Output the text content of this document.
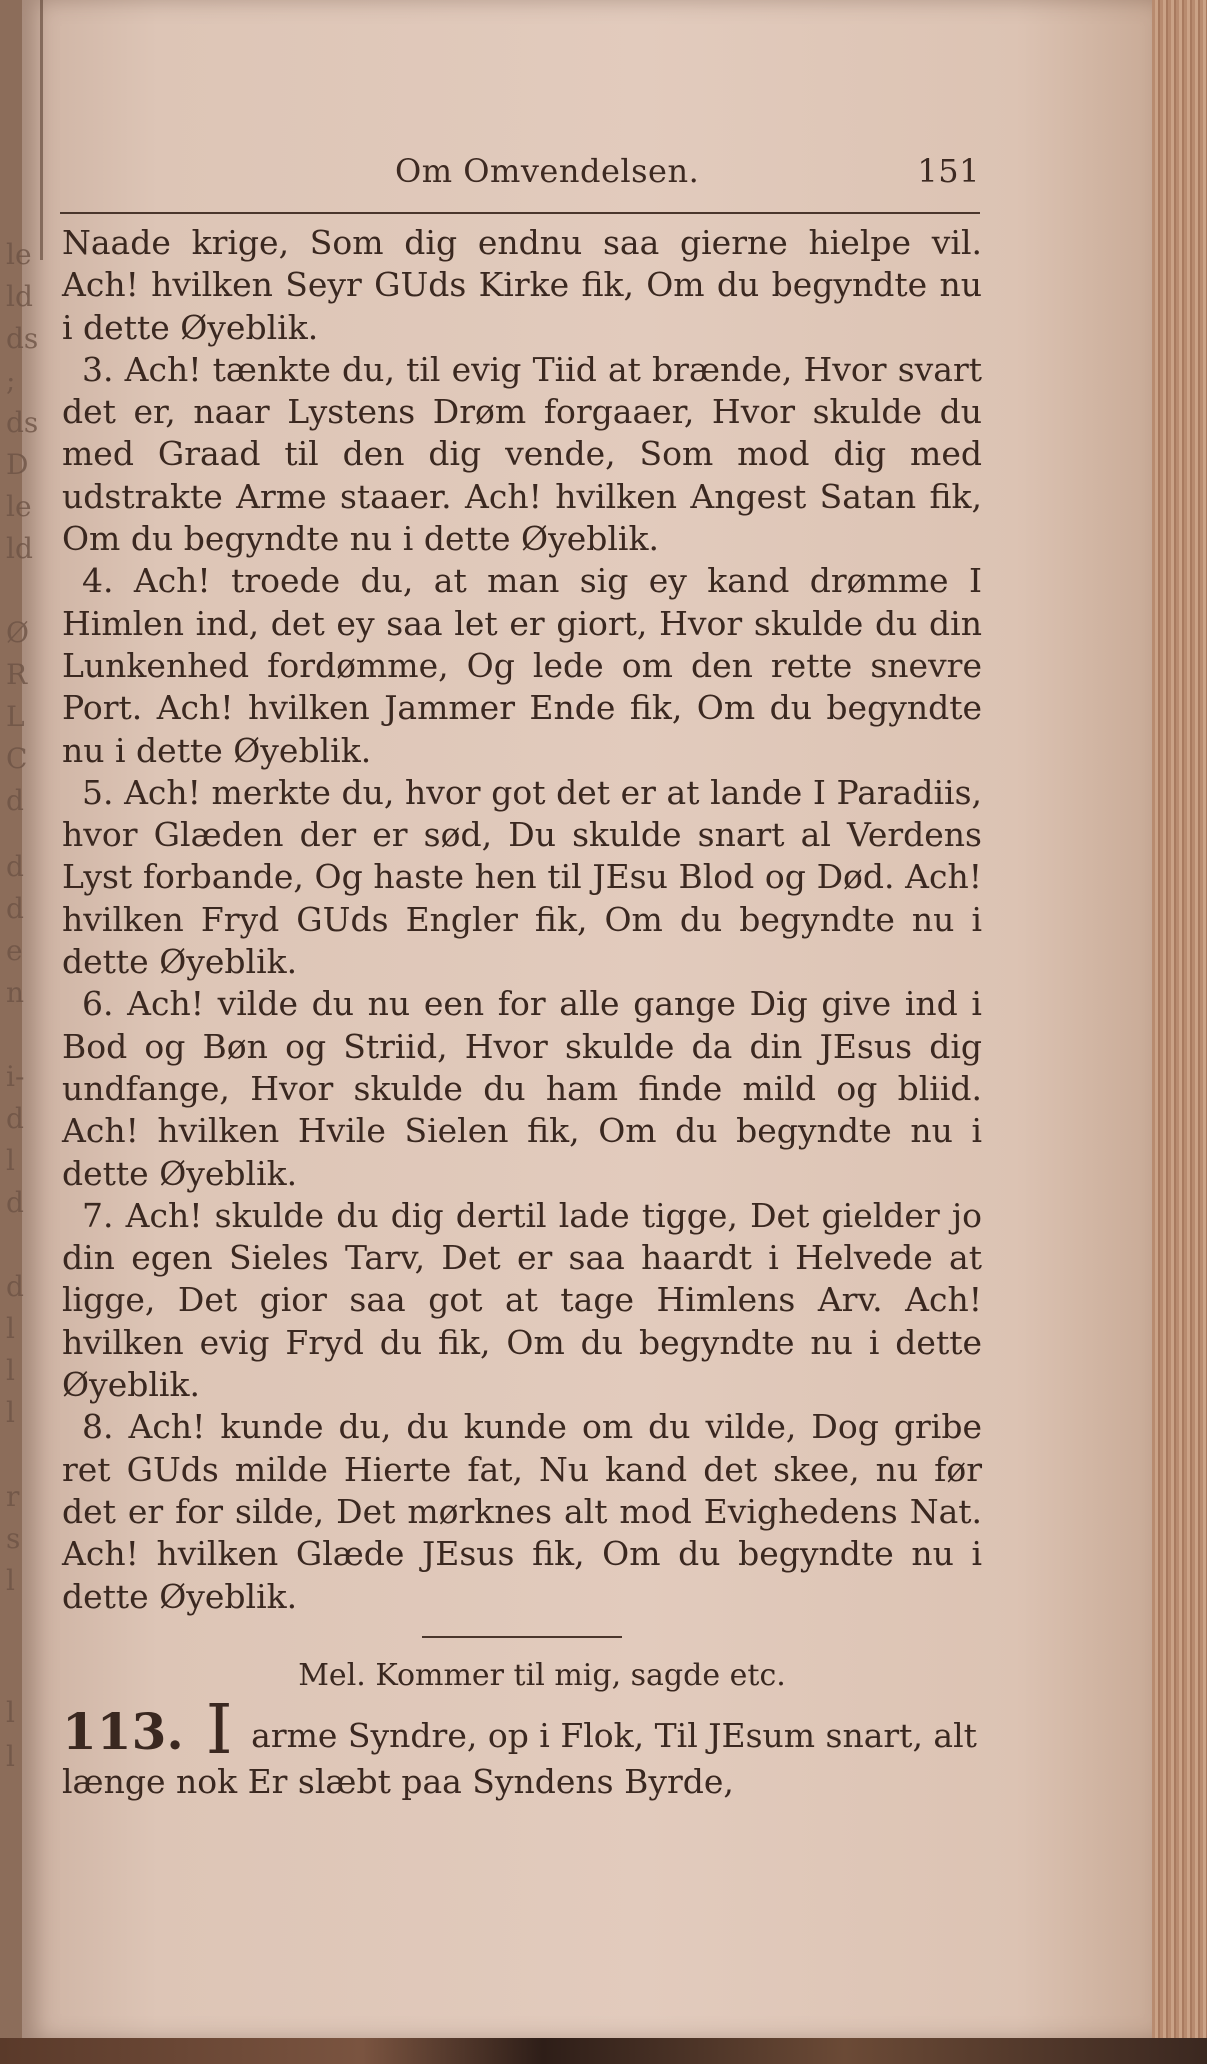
le
ld
ds
;
ds
D
le
ld
Ø
R
L
C
d
d
d
e
n
i-
d
l
d
d
l
l
l
r
s
l
l
l
Om Omvendelsen.	151

Naade krige, Som dig endnu saa gierne hielpe vil. Ach! hvilken Seyr GUds Kirke fik, Om du begyndte nu i dette Øyeblik.

3. Ach! tænkte du, til evig Tiid at brænde, Hvor svart det er, naar Lystens Drøm forgaaer, Hvor skulde du med Graad til den dig vende, Som mod dig med udstrakte Arme staaer. Ach! hvilken Angest Satan fik, Om du begyndte nu i dette Øyeblik.

4. Ach! troede du, at man sig ey kand drømme I Himlen ind, det ey saa let er giort, Hvor skulde du din Lunkenhed fordømme, Og lede om den rette snevre Port. Ach! hvilken Jammer Ende fik, Om du begyndte nu i dette Øyeblik.

5. Ach! merkte du, hvor got det er at lande I Paradiis, hvor Glæden der er sød, Du skulde snart al Verdens Lyst forbande, Og haste hen til JEsu Blod og Død. Ach! hvilken Fryd GUds Engler fik, Om du begyndte nu i dette Øyeblik.

6. Ach! vilde du nu een for alle gange Dig give ind i Bod og Bøn og Striid, Hvor skulde da din JEsus dig undfange, Hvor skulde du ham finde mild og bliid. Ach! hvilken Hvile Sielen fik, Om du begyndte nu i dette Øyeblik.

7. Ach! skulde du dig dertil lade tigge, Det gielder jo din egen Sieles Tarv, Det er saa haardt i Helvede at ligge, Det gior saa got at tage Himlens Arv. Ach! hvilken evig Fryd du fik, Om du begyndte nu i dette Øyeblik.

8. Ach! kunde du, du kunde om du vilde, Dog gribe ret GUds milde Hierte fat, Nu kand det skee, nu før det er for silde, Det mørknes alt mod Evighedens Nat. Ach! hvilken Glæde JEsus fik, Om du begyndte nu i dette Øyeblik.

Mel. Kommer til mig, sagde etc.
113. I arme Syndre, op i Flok, Til JEsum snart, alt længe nok Er slæbt paa Syndens Byrde,
